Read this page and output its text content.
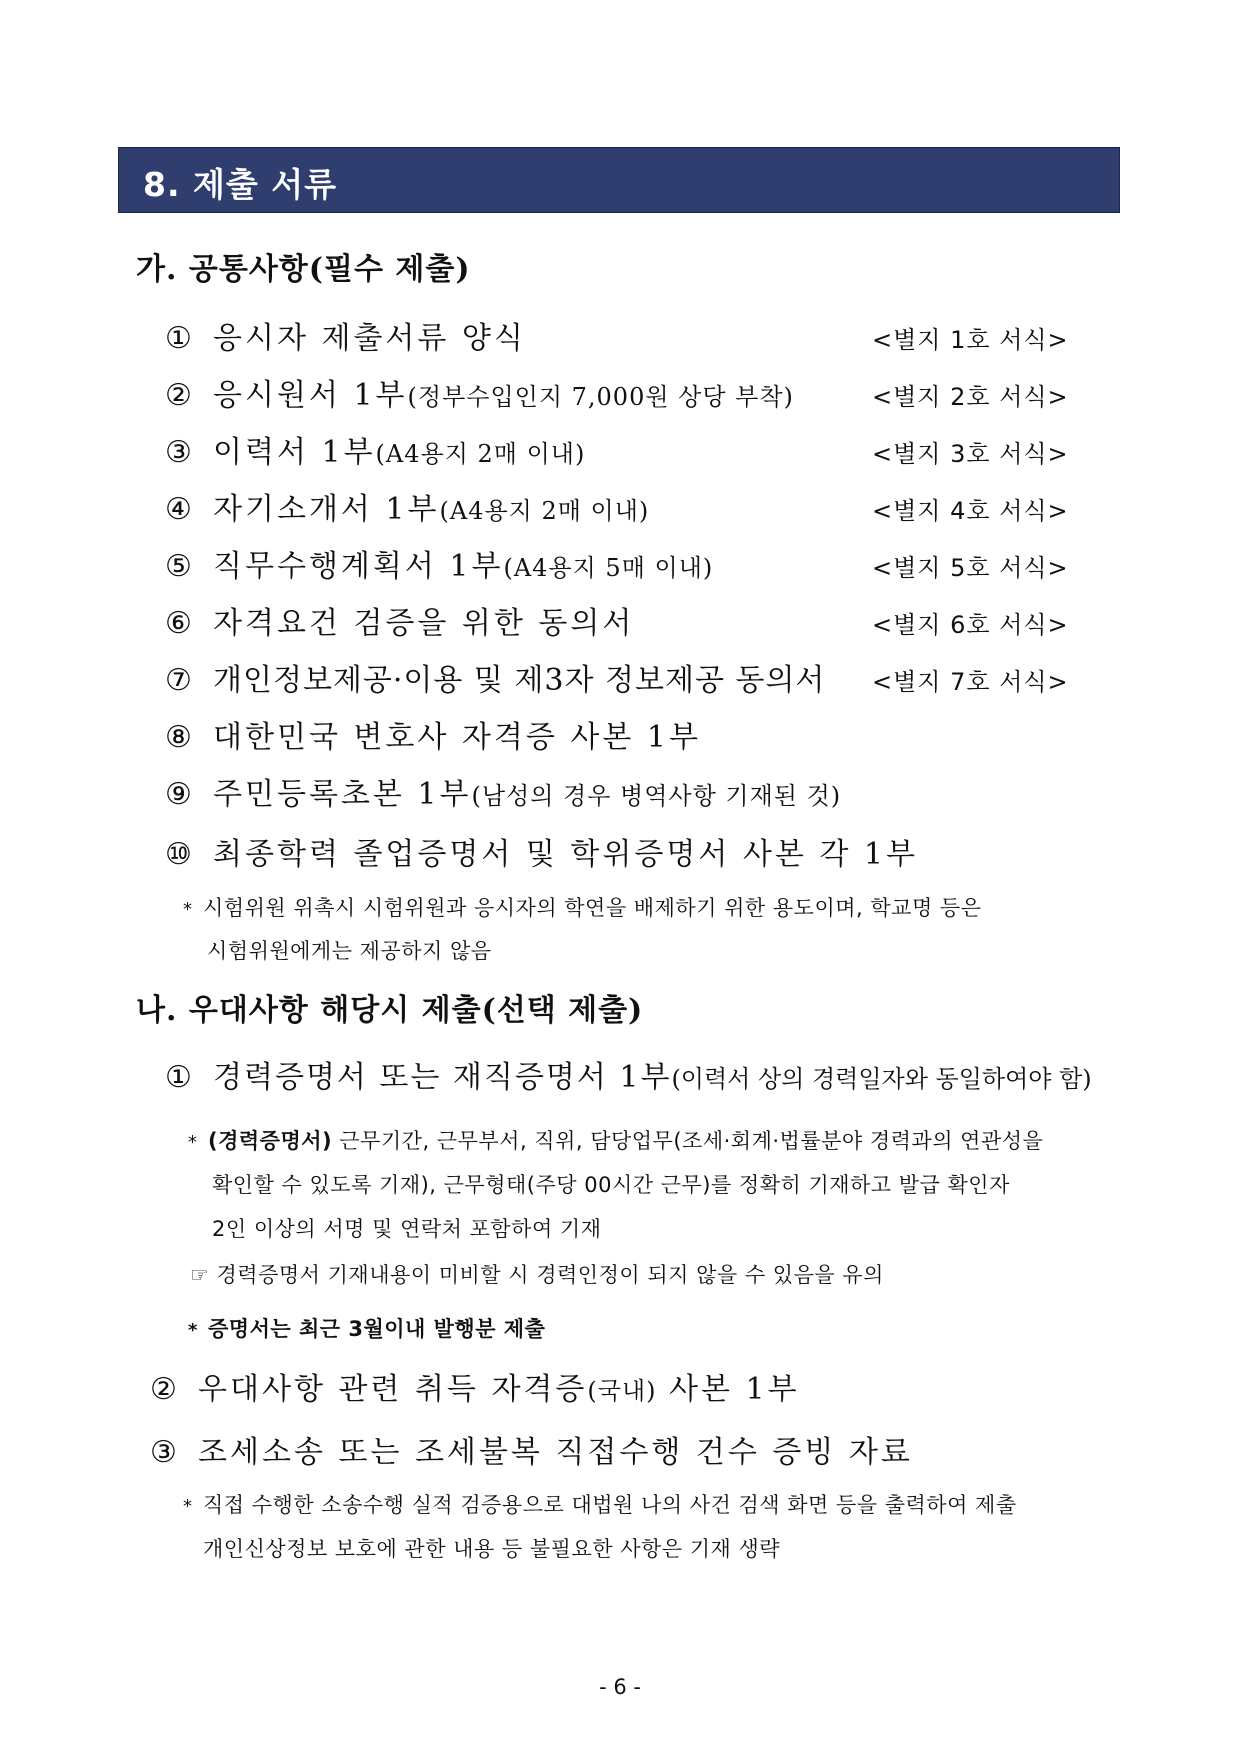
8. 제출 서류
가. 공통사항(필수 제출)
① 응시자 제출서류 양식	<별지 1호 서식>
② 응시원서 1부(정부수입인지 7,000원 상당 부착)	<별지 2호 서식>
③ 이력서 1부(A4용지 2매 이내)	<별지 3호 서식>
④ 자기소개서 1부(A4용지 2매 이내)	<별지 4호 서식>
⑤ 직무수행계획서 1부(A4용지 5매 이내)	<별지 5호 서식>
⑥ 자격요건 검증을 위한 동의서	<별지 6호 서식>
⑦ 개인정보제공·이용 및 제3자 정보제공 동의서 <별지 7호 서식>
⑧ 대한민국 변호사 자격증 사본 1부
⑨ 주민등록초본 1부(남성의 경우 병역사항 기재된 것)
⑩ 최종학력 졸업증명서 및 학위증명서 사본 각 1부
* 시험위원 위촉시 시험위원과 응시자의 학연을 배제하기 위한 용도이며, 학교명 등은
시험위원에게는 제공하지 않음
나. 우대사항 해당시 제출(선택 제출)
① 경력증명서 또는 재직증명서 1부(이력서 상의 경력일자와 동일하여야 함)
* (경력증명서) 근무기간, 근무부서, 직위, 담당업무(조세·회계·법률분야 경력과의 연관성을
확인할 수 있도록 기재), 근무형태(주당 00시간 근무)를 정확히 기재하고 발급 확인자
2인 이상의 서명 및 연락처 포함하여 기재
☞ 경력증명서 기재내용이 미비할 시 경력인정이 되지 않을 수 있음을 유의
* 증명서는 최근 3월이내 발행분 제출
② 우대사항 관련 취득 자격증(국내) 사본 1부
③ 조세소송 또는 조세불복 직접수행 건수 증빙 자료
* 직접 수행한 소송수행 실적 검증용으로 대법원 나의 사건 검색 화면 등을 출력하여 제출
개인신상정보 보호에 관한 내용 등 불필요한 사항은 기재 생략
- 6 -
